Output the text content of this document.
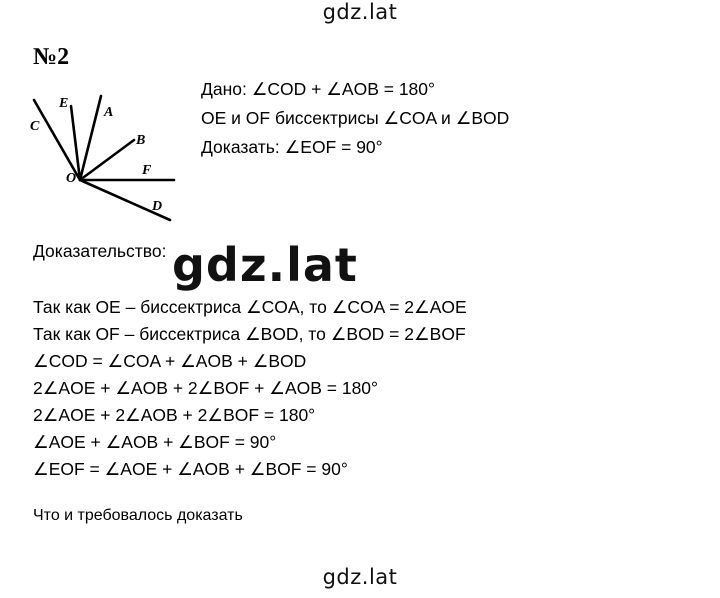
gdz.lat
№2
C
E
A
B
F
O
D
Дано: ∠COD + ∠AOB = 180°
OE и OF биссектрисы ∠COA и ∠BOD
Доказать: ∠EOF = 90°
Доказательство: gdz.lat
Так как OE – биссектриса ∠COA, то ∠COA = 2∠AOE
Так как OF – биссектриса ∠BOD, то ∠BOD = 2∠BOF
∠COD = ∠COA + ∠AOB + ∠BOD
2∠AOE + ∠AOB + 2∠BOF + ∠AOB = 180°
2∠AOE + 2∠AOB + 2∠BOF = 180°
∠AOE + ∠AOB + ∠BOF = 90°
∠EOF = ∠AOE + ∠AOB + ∠BOF = 90°
Что и требовалось доказать
gdz.lat
